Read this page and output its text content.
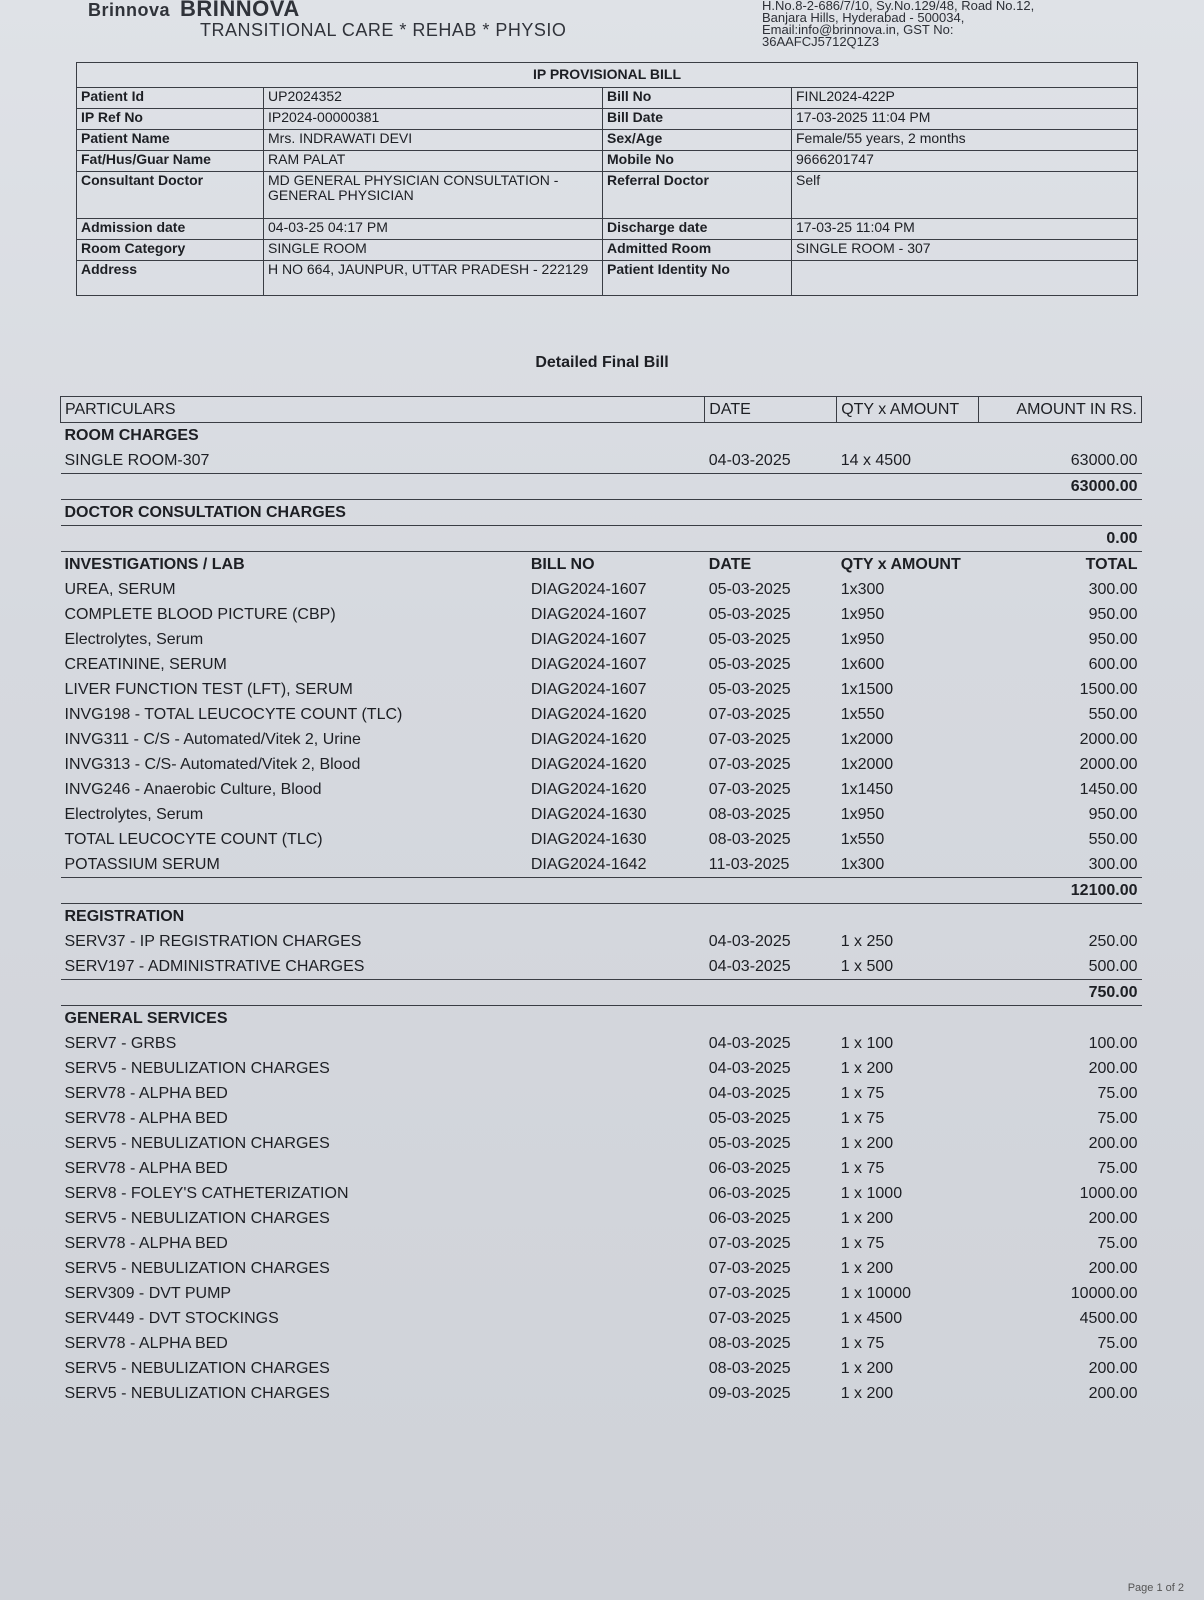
Brinnova BRINNOVA
TRANSITIONAL CARE * REHAB * PHYSIO
H.No.8-2-686/7/10, Sy.No.129/48, Road No.12,
Banjara Hills, Hyderabad - 500034,
Email:info@brinnova.in, GST No:
36AAFCJ5712Q1Z3
IP PROVISIONAL BILL			
Patient Id	UP2024352	Bill No	FINL2024-422P
IP Ref No	IP2024-00000381	Bill Date	17-03-2025 11:04 PM
Patient Name	Mrs. INDRAWATI DEVI	Sex/Age	Female/55 years, 2 months
Fat/Hus/Guar Name	RAM PALAT	Mobile No	9666201747
Consultant Doctor	MD GENERAL PHYSICIAN CONSULTATION - GENERAL PHYSICIAN	Referral Doctor	Self
Admission date	04-03-25 04:17 PM	Discharge date	17-03-25 11:04 PM
Room Category	SINGLE ROOM	Admitted Room	SINGLE ROOM - 307
Address	H NO 664, JAUNPUR, UTTAR PRADESH - 222129	Patient Identity No	
Detailed Final Bill
PARTICULARS		DATE	QTY x AMOUNT	AMOUNT IN RS.
ROOM CHARGES				
SINGLE ROOM-307		04-03-2025	14 x 4500	63000.00
				63000.00
DOCTOR CONSULTATION CHARGES				
				0.00
INVESTIGATIONS / LAB	BILL NO	DATE	QTY x AMOUNT	TOTAL
UREA, SERUM	DIAG2024-1607	05-03-2025	1x300	300.00
COMPLETE BLOOD PICTURE (CBP)	DIAG2024-1607	05-03-2025	1x950	950.00
Electrolytes, Serum	DIAG2024-1607	05-03-2025	1x950	950.00
CREATININE, SERUM	DIAG2024-1607	05-03-2025	1x600	600.00
LIVER FUNCTION TEST (LFT), SERUM	DIAG2024-1607	05-03-2025	1x1500	1500.00
INVG198 - TOTAL LEUCOCYTE COUNT (TLC)	DIAG2024-1620	07-03-2025	1x550	550.00
INVG311 - C/S - Automated/Vitek 2, Urine	DIAG2024-1620	07-03-2025	1x2000	2000.00
INVG313 - C/S- Automated/Vitek 2, Blood	DIAG2024-1620	07-03-2025	1x2000	2000.00
INVG246 - Anaerobic Culture, Blood	DIAG2024-1620	07-03-2025	1x1450	1450.00
Electrolytes, Serum	DIAG2024-1630	08-03-2025	1x950	950.00
TOTAL LEUCOCYTE COUNT (TLC)	DIAG2024-1630	08-03-2025	1x550	550.00
POTASSIUM SERUM	DIAG2024-1642	11-03-2025	1x300	300.00
				12100.00
REGISTRATION				
SERV37 - IP REGISTRATION CHARGES		04-03-2025	1 x 250	250.00
SERV197 - ADMINISTRATIVE CHARGES		04-03-2025	1 x 500	500.00
				750.00
GENERAL SERVICES				
SERV7 - GRBS		04-03-2025	1 x 100	100.00
SERV5 - NEBULIZATION CHARGES		04-03-2025	1 x 200	200.00
SERV78 - ALPHA BED		04-03-2025	1 x 75	75.00
SERV78 - ALPHA BED		05-03-2025	1 x 75	75.00
SERV5 - NEBULIZATION CHARGES		05-03-2025	1 x 200	200.00
SERV78 - ALPHA BED		06-03-2025	1 x 75	75.00
SERV8 - FOLEY'S CATHETERIZATION		06-03-2025	1 x 1000	1000.00
SERV5 - NEBULIZATION CHARGES		06-03-2025	1 x 200	200.00
SERV78 - ALPHA BED		07-03-2025	1 x 75	75.00
SERV5 - NEBULIZATION CHARGES		07-03-2025	1 x 200	200.00
SERV309 - DVT PUMP		07-03-2025	1 x 10000	10000.00
SERV449 - DVT STOCKINGS		07-03-2025	1 x 4500	4500.00
SERV78 - ALPHA BED		08-03-2025	1 x 75	75.00
SERV5 - NEBULIZATION CHARGES		08-03-2025	1 x 200	200.00
SERV5 - NEBULIZATION CHARGES		09-03-2025	1 x 200	200.00
Page 1 of 2
